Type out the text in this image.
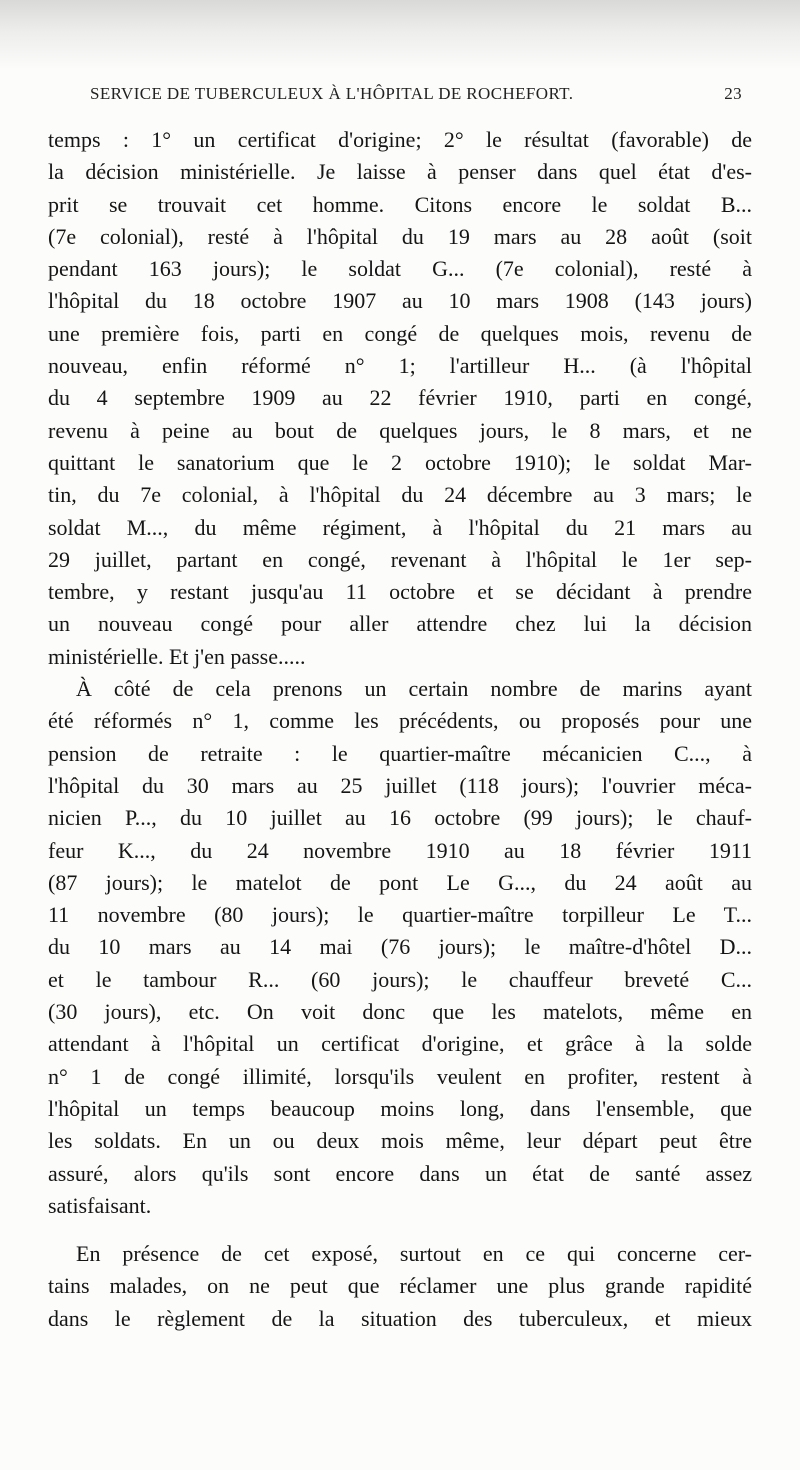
SERVICE DE TUBERCULEUX À L'HÔPITAL DE ROCHEFORT.	23
temps : 1° un certificat d'origine; 2° le résultat (favorable) de
la décision ministérielle. Je laisse à penser dans quel état d'es-
prit se trouvait cet homme. Citons encore le soldat B...
(7e colonial), resté à l'hôpital du 19 mars au 28 août (soit
pendant 163 jours); le soldat G... (7e colonial), resté à
l'hôpital du 18 octobre 1907 au 10 mars 1908 (143 jours)
une première fois, parti en congé de quelques mois, revenu de
nouveau, enfin réformé n° 1; l'artilleur H... (à l'hôpital
du 4 septembre 1909 au 22 février 1910, parti en congé,
revenu à peine au bout de quelques jours, le 8 mars, et ne
quittant le sanatorium que le 2 octobre 1910); le soldat Mar-
tin, du 7e colonial, à l'hôpital du 24 décembre au 3 mars; le
soldat M..., du même régiment, à l'hôpital du 21 mars au
29 juillet, partant en congé, revenant à l'hôpital le 1er sep-
tembre, y restant jusqu'au 11 octobre et se décidant à prendre
un nouveau congé pour aller attendre chez lui la décision
ministérielle. Et j'en passe.....
À côté de cela prenons un certain nombre de marins ayant
été réformés n° 1, comme les précédents, ou proposés pour une
pension de retraite : le quartier-maître mécanicien C..., à
l'hôpital du 30 mars au 25 juillet (118 jours); l'ouvrier méca-
nicien P..., du 10 juillet au 16 octobre (99 jours); le chauf-
feur K..., du 24 novembre 1910 au 18 février 1911
(87 jours); le matelot de pont Le G..., du 24 août au
11 novembre (80 jours); le quartier-maître torpilleur Le T...
du 10 mars au 14 mai (76 jours); le maître-d'hôtel D...
et le tambour R... (60 jours); le chauffeur breveté C...
(30 jours), etc. On voit donc que les matelots, même en
attendant à l'hôpital un certificat d'origine, et grâce à la solde
n° 1 de congé illimité, lorsqu'ils veulent en profiter, restent à
l'hôpital un temps beaucoup moins long, dans l'ensemble, que
les soldats. En un ou deux mois même, leur départ peut être
assuré, alors qu'ils sont encore dans un état de santé assez
satisfaisant.
En présence de cet exposé, surtout en ce qui concerne cer-
tains malades, on ne peut que réclamer une plus grande rapidité
dans le règlement de la situation des tuberculeux, et mieux
